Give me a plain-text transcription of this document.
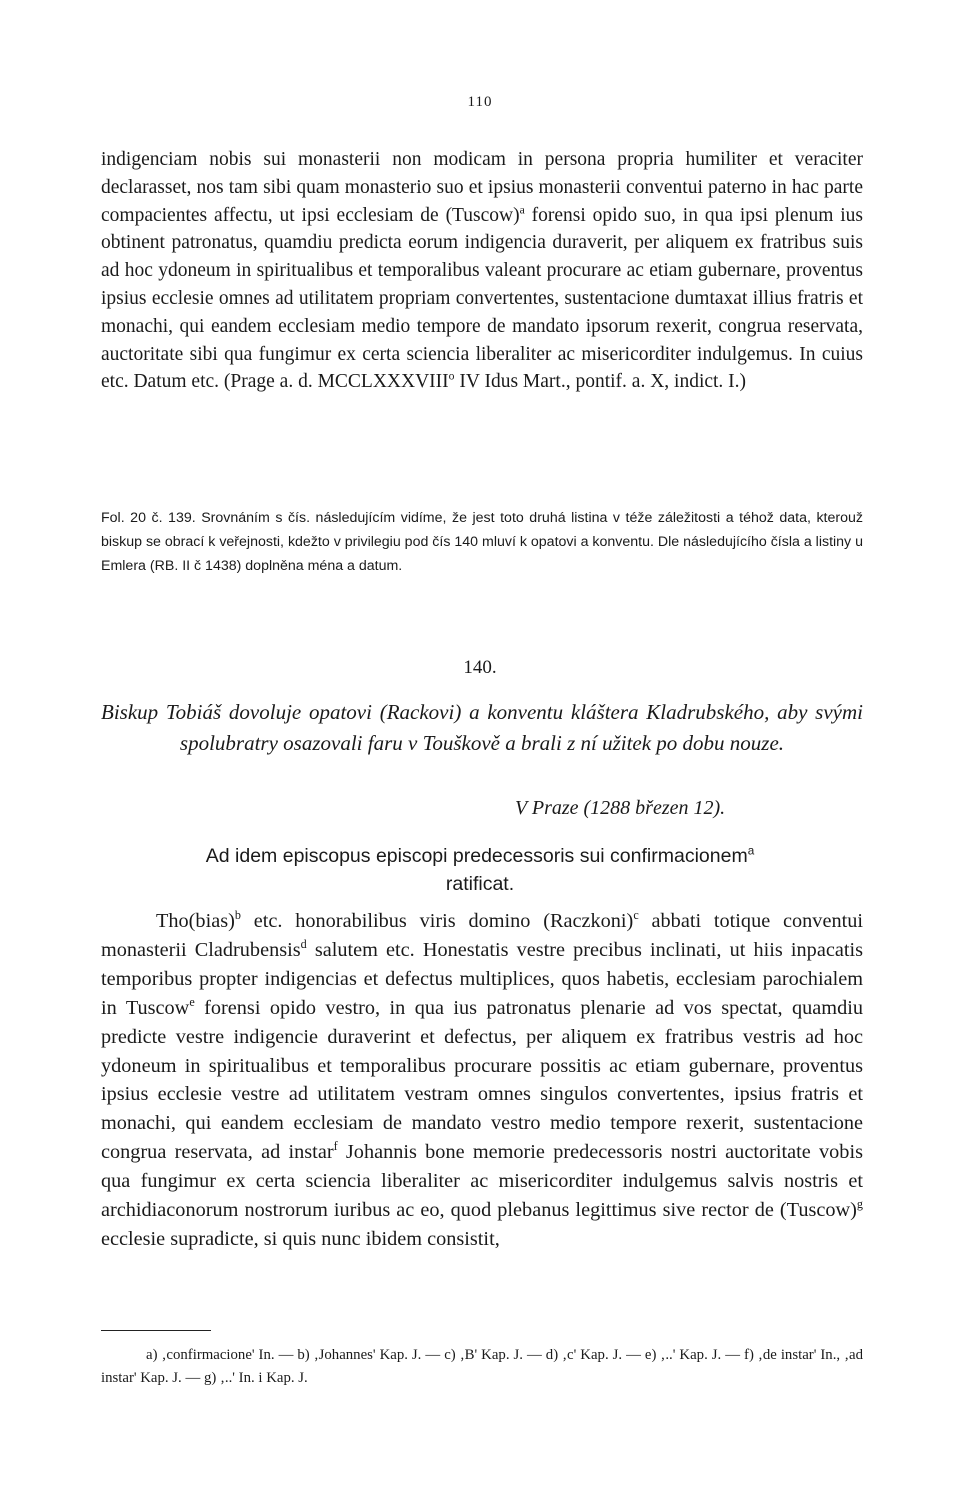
110
indigenciam nobis sui monasterii non modicam in persona propria humiliter et veraciter declarasset, nos tam sibi quam monasterio suo et ipsius monasterii conventui paterno in hac parte compacientes affectu, ut ipsi ecclesiam de (Tuscow)$^a$ forensi opido suo, in qua ipsi plenum ius obtinent patronatus, quamdiu predicta eorum indigencia duraverit, per aliquem ex fratribus suis ad hoc ydoneum in spiritualibus et temporalibus valeant procurare ac etiam gubernare, proventus ipsius ecclesie omnes ad utilitatem propriam convertentes, sustentacione dumtaxat illius fratris et monachi, qui eandem ecclesiam medio tempore de mandato ipsorum rexerit, congrua reservata, auctoritate sibi qua fungimur ex certa sciencia liberaliter ac misericorditer indulgemus. In cuius etc. Datum etc. (Prage a. d. MCCLXXXVIII$^o$ IV Idus Mart., pontif. a. X, indict. I.)
Fol. 20 č. 139. Srovnáním s čís. následujícím vidíme, že jest toto druhá listina v téže záležitosti a téhož data, kterouž biskup se obrací k veřejnosti, kdežto v privilegiu pod čís 140 mluví k opatovi a konventu. Dle následujícího čísla a listiny u Emlera (RB. II č 1438) doplněna ména a datum.
140.
Biskup Tobiáš dovoluje opatovi (Rackovi) a konventu kláštera Kladrubského, aby svými spolubratry osazovali faru v Touškově a brali z ní užitek po dobu nouze.
V Praze (1288 březen 12).
Ad idem episcopus episcopi predecessoris sui confirmacionem$^a$
ratificat.
Tho(bias)$^b$ etc. honorabilibus viris domino (Raczkoni)$^c$ abbati totique conventui monasterii Cladrubensis$^d$ salutem etc. Honestatis vestre precibus inclinati, ut hiis inpacatis temporibus propter indigencias et defectus multiplices, quos habetis, ecclesiam parochialem in Tuscow$^e$ forensi opido vestro, in qua ius patronatus plenarie ad vos spectat, quamdiu predicte vestre indigencie duraverint et defectus, per aliquem ex fratribus vestris ad hoc ydoneum in spiritualibus et temporalibus procurare possitis ac etiam gubernare, proventus ipsius ecclesie vestre ad utilitatem vestram omnes singulos convertentes, ipsius fratris et monachi, qui eandem ecclesiam de mandato vestro medio tempore rexerit, sustentacione congrua reservata, ad instar$^f$ Johannis bone memorie predecessoris nostri auctoritate vobis qua fungimur ex certa sciencia liberaliter ac misericorditer indulgemus salvis nostris et archidiaconorum nostrorum iuribus ac eo, quod plebanus legittimus sive rector de (Tuscow)$^g$ ecclesie supradicte, si quis nunc ibidem consistit,
a) ‚confirmacione' In. — b) ‚Johannes' Kap. J. — c) ‚B' Kap. J. — d) ‚c' Kap. J. — e) ‚..' Kap. J. — f) ‚de instar' In., ‚ad instar' Kap. J. — g) ‚..' In. i Kap. J.
